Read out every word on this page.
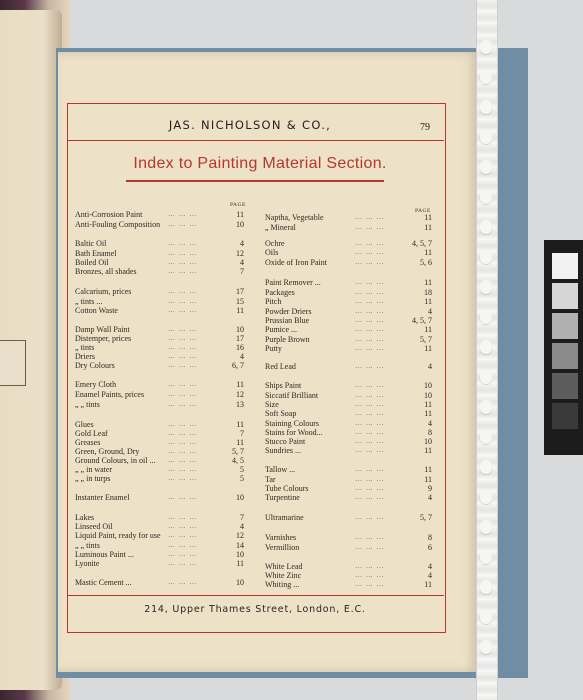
JAS. NICHOLSON & CO.,	79
Index to Painting Material Section.
PAGE
PAGE
Anti-Corrosion Paint	… … …	11
Anti-Fouling Composition … … …	10
Baltic Oil	… … …	4
Bath Enamel	… … …	12
Boiled Oil	… … …	4
Bronzes, all shades	… … …	7
Calcarium, prices	… … …	17
„ tints ...	… … …	15
Cotton Waste	… … …	11
Damp Wall Paint	… … …	10
Distemper, prices	… … …	17
„ tints	… … …	16
Driers	… … …	4
Dry Colours	… … …	6, 7
Emery Cloth	… … …	11
Enamel Paints, prices	… … …	12
„ „ tints	… … …	13
Glues	… … …	11
Gold Leaf	… … …	7
Greases	… … …	11
Green, Ground, Dry	… … …	5, 7
Ground Colours, in oil ... … … …	4, 5
„ „ in water	… … …	5
„ „ in turps	… … …	5
Instanter Enamel	… … …	10
Lakes	… … …	7
Linseed Oil	… … …	4
Liquid Paint, ready for use … … …	12
„ „ tints	… … …	14
Luminous Paint ...	… … …	10
Lyonite	… … …	11
Mastic Cement ...	… … …	10
Naptha, Vegetable	… … …	11
„ Mineral	… … …	11
Ochre	… … …	4, 5, 7
Oils	… … …	11
Oxide of Iron Paint	… … …	5, 6
Paint Remover ...	… … …	11
Packages	… … …	18
Pitch	… … …	11
Powder Driers	… … …	4
Prussian Blue	… … …	4, 5, 7
Pumice ...	… … …	11
Purple Brown	… … …	5, 7
Putty	… … …	11
Red Lead	… … …	4
Ships Paint	… … …	10
Siccatif Brilliant	… … …	10
Size	… … …	11
Soft Soap	… … …	11
Staining Colours	… … …	4
Stains for Wood...	… … …	8
Stucco Paint	… … …	10
Sundries ...	… … …	11
Tallow ...	… … …	11
Tar	… … …	11
Tube Colours	… … …	9
Turpentine	… … …	4
Ultramarine	… … …	5, 7
Varnishes	… … …	8
Vermillion	… … …	6
White Lead	… … …	4
White Zinc	… … …	4
Whiting ...	… … …	11
214, Upper Thames Street, London, E.C.
